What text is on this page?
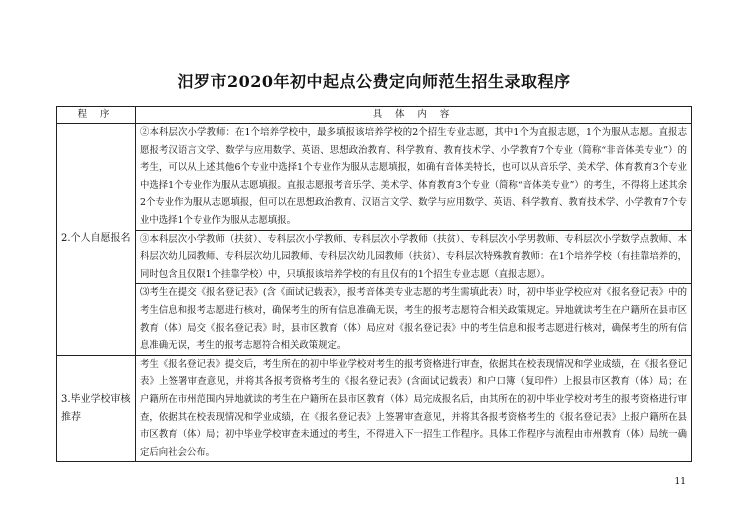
汨罗市2020年初中起点公费定向师范生招生录取程序
程 序	具 体 内 容
2.个人自愿报名	②本科层次小学教师：在1个培养学校中，最多填报该培养学校的2个招生专业志愿，其中1个为直报志愿，1个为服从志愿。直报志愿报考汉语言文学、数学与应用数学、英语、思想政治教育、科学教育、教育技术学、小学教育7个专业（简称“非音体美专业”）的考生，可以从上述其他6个专业中选择1个专业作为服从志愿填报，如确有音体美特长，也可以从音乐学、美术学、体育教育3个专业中选择1个专业作为服从志愿填报。直报志愿报考音乐学、美术学、体育教育3个专业（简称“音体美专业”）的考生，不得将上述其余2个专业作为服从志愿填报，但可以在思想政治教育、汉语言文学、数学与应用数学、英语、科学教育、教育技术学、小学教育7个专业中选择1个专业作为服从志愿填报。
	③本科层次小学教师（扶贫）、专科层次小学教师、专科层次小学教师（扶贫）、专科层次小学男教师、专科层次小学数学点教师、本科层次幼儿园教师、专科层次幼儿园教师、专科层次幼儿园教师（扶贫）、专科层次特殊教育教师：在1个培养学校（有挂靠培养的，同时包含且仅限1个挂靠学校）中，只填报该培养学校的有且仅有的1个招生专业志愿（直报志愿）。
	⑶考生在提交《报名登记表》(含《面试记载表》，报考音体美专业志愿的考生需填此表）时，初中毕业学校应对《报名登记表》中的考生信息和报考志愿进行核对，确保考生的所有信息准确无误，考生的报考志愿符合相关政策规定。异地就读考生在户籍所在县市区教育（体）局交《报名登记表》时，县市区教育（体）局应对《报名登记表》中的考生信息和报考志愿进行核对，确保考生的所有信息准确无误，考生的报考志愿符合相关政策规定。
3.毕业学校审核推荐	考生《报名登记表》提交后，考生所在的初中毕业学校对考生的报考资格进行审查，依据其在校表现情况和学业成绩，在《报名登记表》上签署审查意见，并将其各报考资格考生的《报名登记表》(含面试记载表）和户口簿（复印件）上报县市区教育（体）局；在户籍所在市州范围内异地就读的考生在户籍所在县市区教育（体）局完成报名后，由其所在的初中毕业学校对考生的报考资格进行审查，依据其在校表现情况和学业成绩，在《报名登记表》上签署审查意见，并将其各报考资格考生的《报名登记表》上报户籍所在县市区教育（体）局；初中毕业学校审查未通过的考生，不得进入下一招生工作程序。具体工作程序与流程由市州教育（体）局统一确定后向社会公布。
11
